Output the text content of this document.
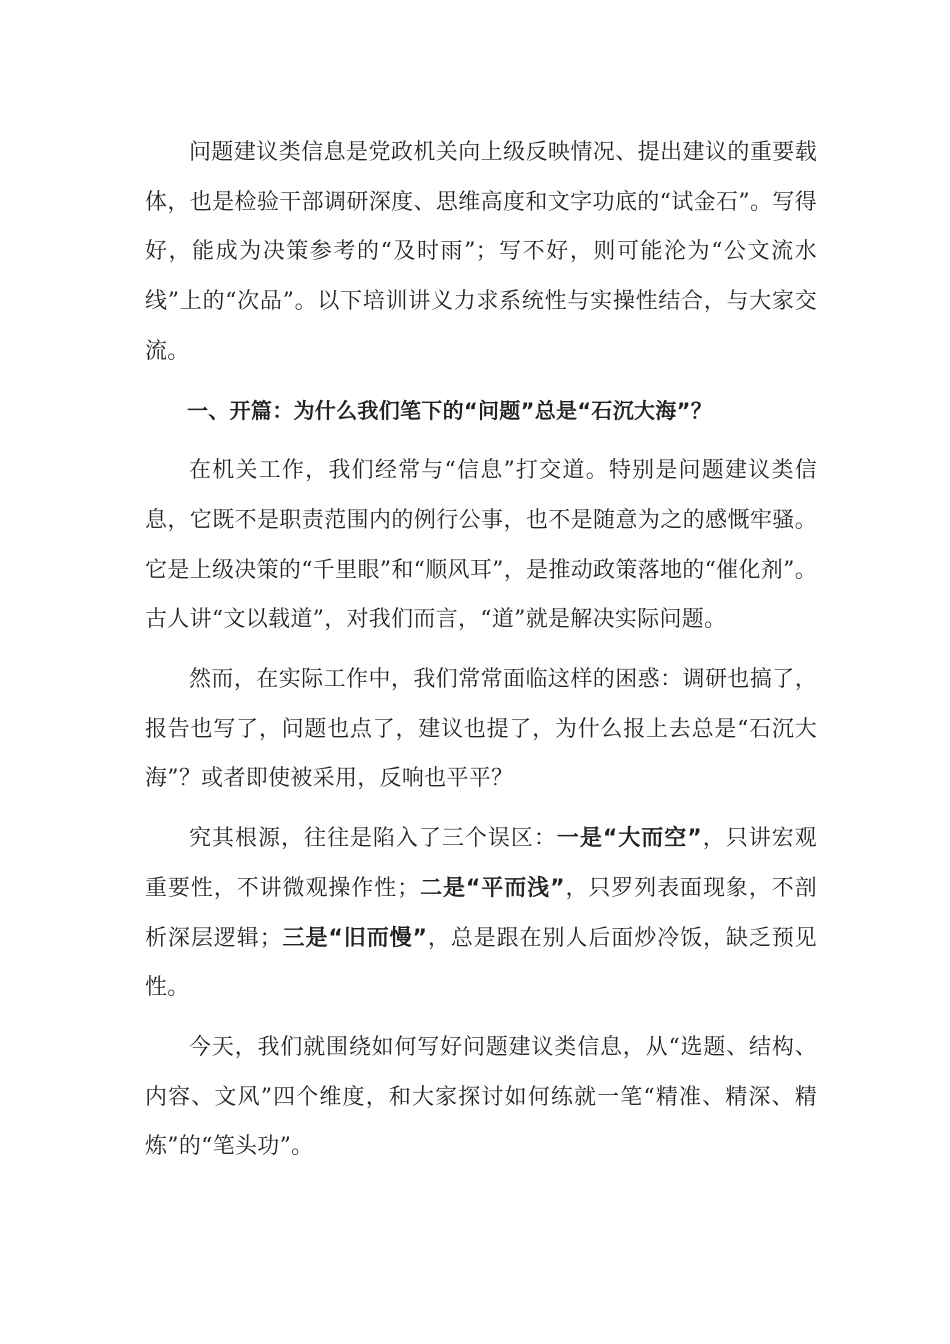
问题建议类信息是党政机关向上级反映情况、提出建议的重要载体，也是检验干部调研深度、思维高度和文字功底的“试金石”。写得好，能成为决策参考的“及时雨”；写不好，则可能沦为“公文流水线”上的“次品”。以下培训讲义力求系统性与实操性结合，与大家交流。

一、开篇：为什么我们笔下的“问题”总是“石沉大海”？

在机关工作，我们经常与“信息”打交道。特别是问题建议类信息，它既不是职责范围内的例行公事，也不是随意为之的感慨牢骚。它是上级决策的“千里眼”和“顺风耳”，是推动政策落地的“催化剂”。古人讲“文以载道”，对我们而言，“道”就是解决实际问题。

然而，在实际工作中，我们常常面临这样的困惑：调研也搞了，报告也写了，问题也点了，建议也提了，为什么报上去总是“石沉大海”？或者即使被采用，反响也平平？

究其根源，往往是陷入了三个误区：一是“大而空”，只讲宏观重要性，不讲微观操作性；二是“平而浅”，只罗列表面现象，不剖析深层逻辑；三是“旧而慢”，总是跟在别人后面炒冷饭，缺乏预见性。

今天，我们就围绕如何写好问题建议类信息，从“选题、结构、内容、文风”四个维度，和大家探讨如何练就一笔“精准、精深、精炼”的“笔头功”。
